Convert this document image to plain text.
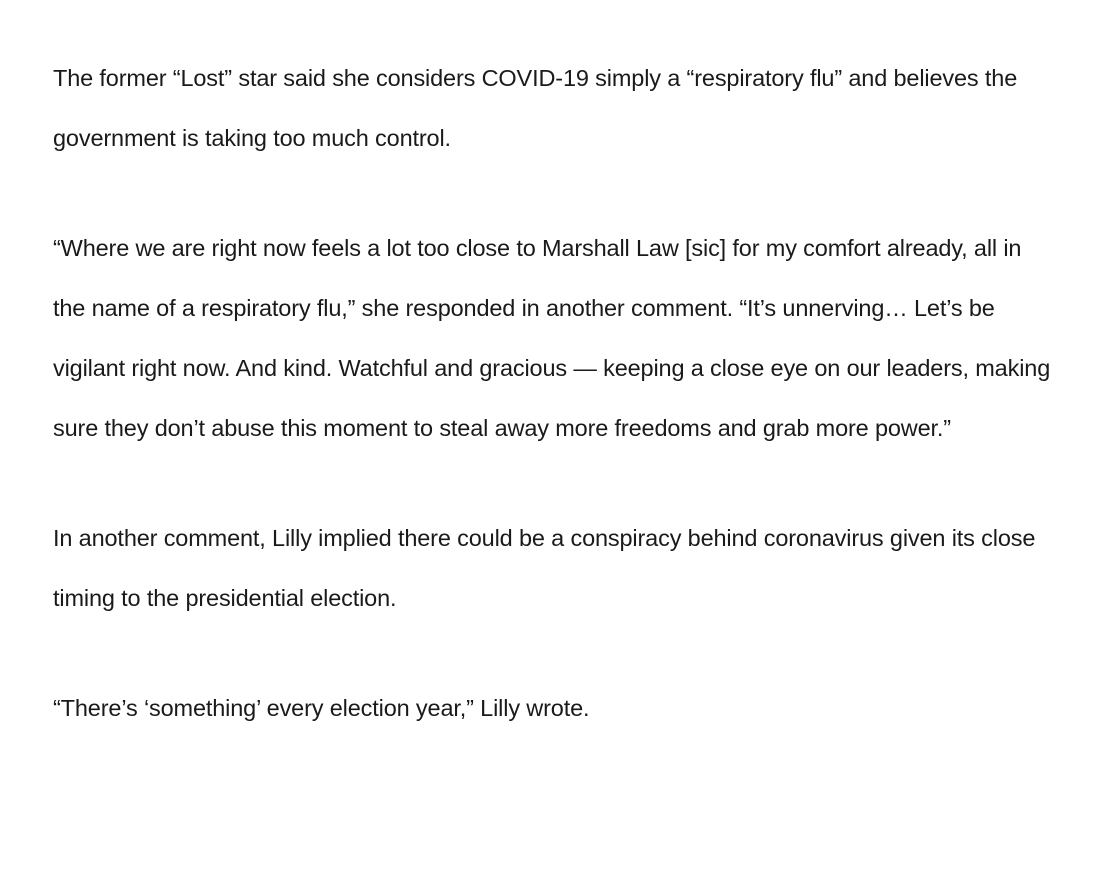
The former “Lost” star said she considers COVID-19 simply a “respiratory flu” and believes the government is taking too much control.

“Where we are right now feels a lot too close to Marshall Law [sic] for my comfort already, all in the name of a respiratory flu,” she responded in another comment. “It’s unnerving… Let’s be vigilant right now. And kind. Watchful and gracious — keeping a close eye on our leaders, making sure they don’t abuse this moment to steal away more freedoms and grab more power.”

In another comment, Lilly implied there could be a conspiracy behind coronavirus given its close timing to the presidential election.

“There’s ‘something’ every election year,” Lilly wrote.
